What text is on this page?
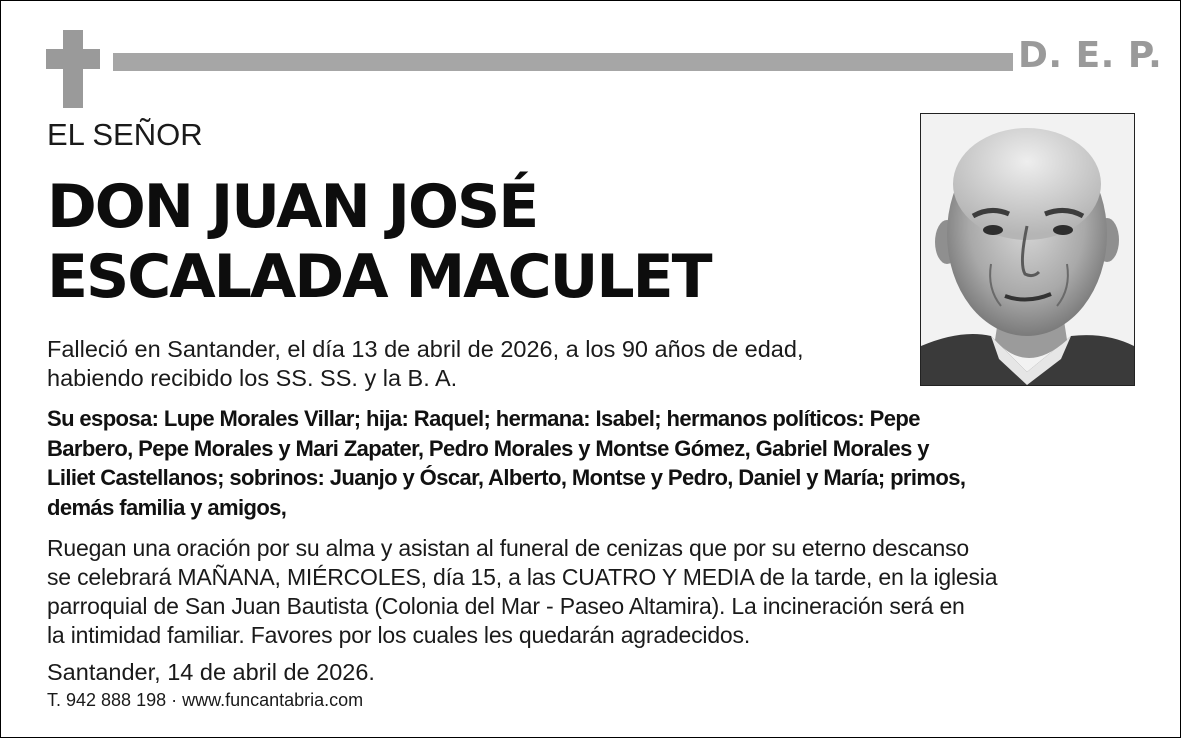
D. E. P.
EL SEÑOR
DON JUAN JOSÉ
ESCALADA MACULET
Falleció en Santander, el día 13 de abril de 2026, a los 90 años de edad,
habiendo recibido los SS. SS. y la B. A.
Su esposa: Lupe Morales Villar; hija: Raquel; hermana: Isabel; hermanos políticos: Pepe
Barbero, Pepe Morales y Mari Zapater, Pedro Morales y Montse Gómez, Gabriel Morales y
Liliet Castellanos; sobrinos: Juanjo y Óscar, Alberto, Montse y Pedro, Daniel y María; primos,
demás familia y amigos,
Ruegan una oración por su alma y asistan al funeral de cenizas que por su eterno descanso
se celebrará MAÑANA, MIÉRCOLES, día 15, a las CUATRO Y MEDIA de la tarde, en la iglesia
parroquial de San Juan Bautista (Colonia del Mar - Paseo Altamira). La incineración será en
la intimidad familiar. Favores por los cuales les quedarán agradecidos.
Santander, 14 de abril de 2026.
T. 942 888 198 · www.funcantabria.com
